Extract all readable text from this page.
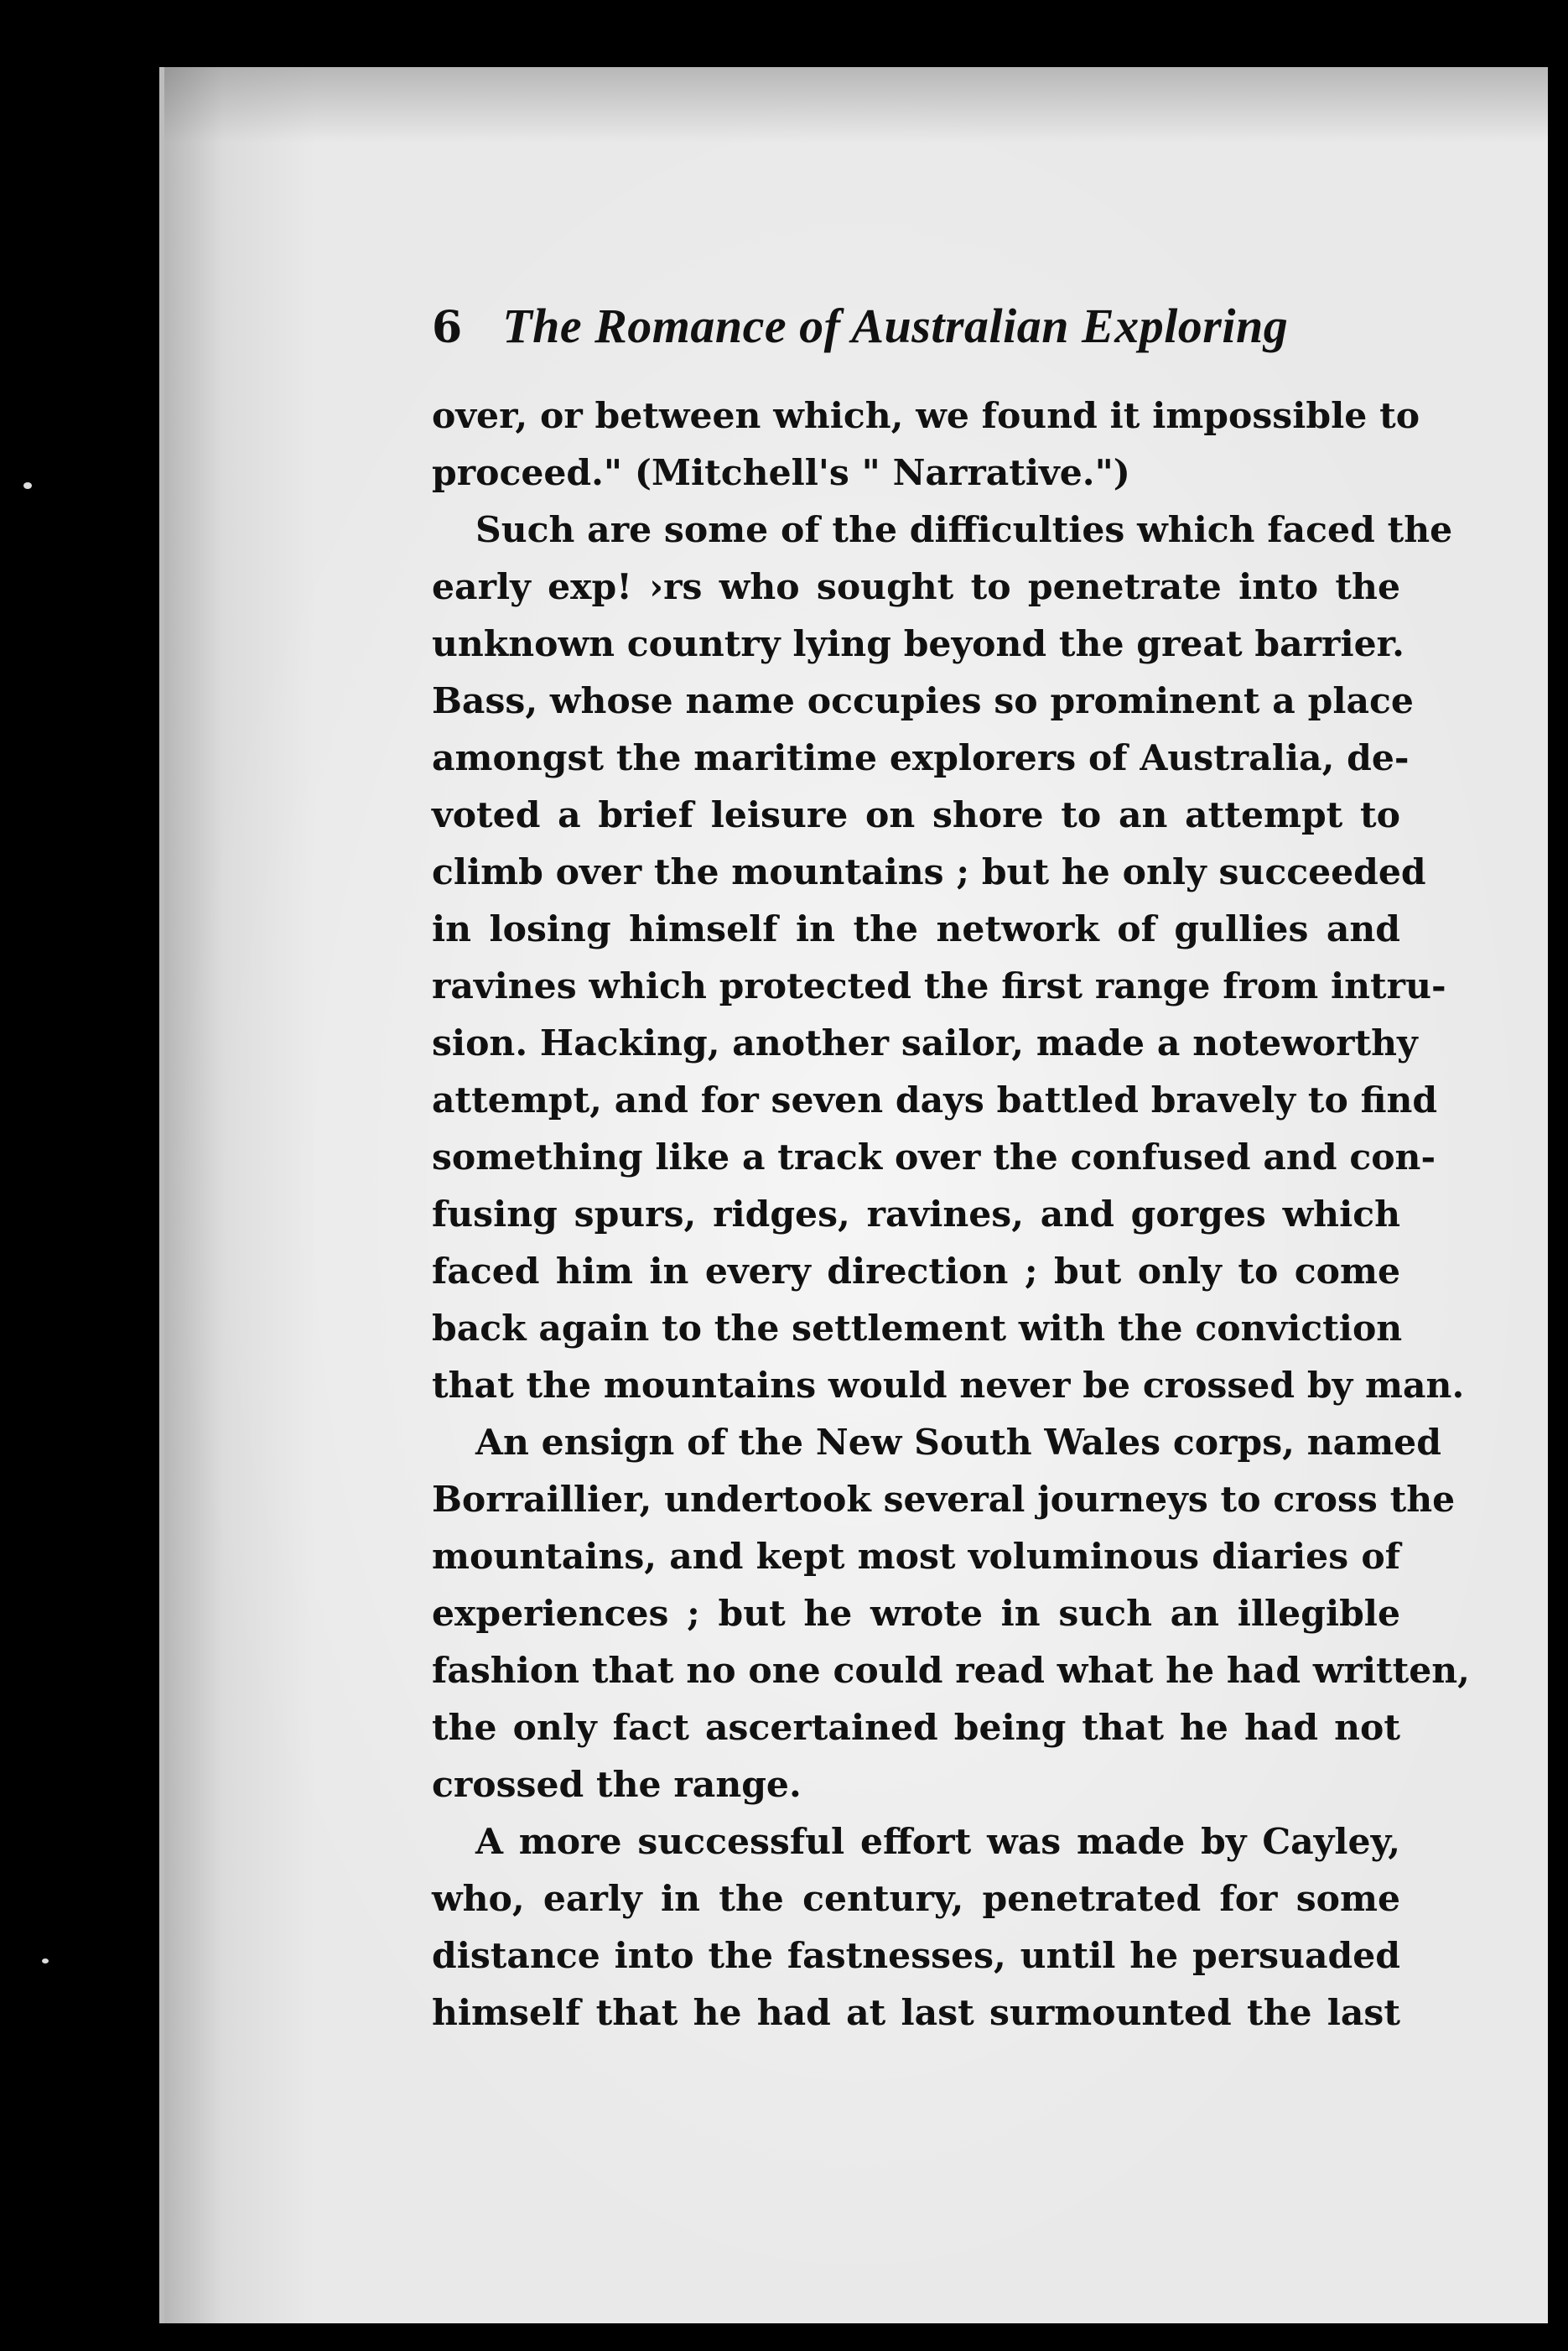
6 The Romance of Australian Exploring
over, or between which, we found it impossible to
proceed." (Mitchell's " Narrative.")
Such are some of the difficulties which faced the
early exp! ›rs who sought to penetrate into the
unknown country lying beyond the great barrier.
Bass, whose name occupies so prominent a place
amongst the maritime explorers of Australia, de-
voted a brief leisure on shore to an attempt to
climb over the mountains ; but he only succeeded
in losing himself in the network of gullies and
ravines which protected the first range from intru-
sion. Hacking, another sailor, made a noteworthy
attempt, and for seven days battled bravely to find
something like a track over the confused and con-
fusing spurs, ridges, ravines, and gorges which
faced him in every direction ; but only to come
back again to the settlement with the conviction
that the mountains would never be crossed by man.
An ensign of the New South Wales corps, named
Borraillier, undertook several journeys to cross the
mountains, and kept most voluminous diaries of
experiences ; but he wrote in such an illegible
fashion that no one could read what he had written,
the only fact ascertained being that he had not
crossed the range.
A more successful effort was made by Cayley,
who, early in the century, penetrated for some
distance into the fastnesses, until he persuaded
himself that he had at last surmounted the last
